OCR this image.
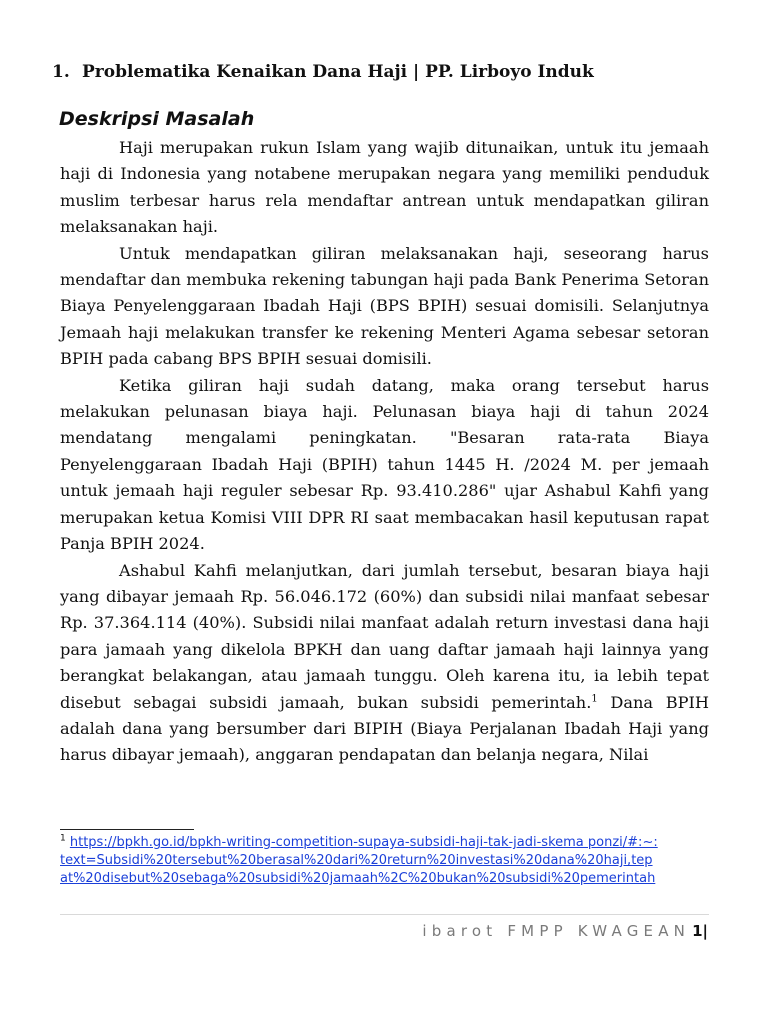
1. Problematika Kenaikan Dana Haji | PP. Lirboyo Induk
Deskripsi Masalah

Haji merupakan rukun Islam yang wajib ditunaikan, untuk itu jemaah haji di Indonesia yang notabene merupakan negara yang memiliki penduduk muslim terbesar harus rela mendaftar antrean untuk mendapatkan giliran melaksanakan haji.

Untuk mendapatkan giliran melaksanakan haji, seseorang harus mendaftar dan membuka rekening tabungan haji pada Bank Penerima Setoran Biaya Penyelenggaraan Ibadah Haji (BPS BPIH) sesuai domisili. Selanjutnya Jemaah haji melakukan transfer ke rekening Menteri Agama sebesar setoran BPIH pada cabang BPS BPIH sesuai domisili.

Ketika giliran haji sudah datang, maka orang tersebut harus melakukan pelunasan biaya haji. Pelunasan biaya haji di tahun 2024 mendatang mengalami peningkatan. "Besaran rata-rata Biaya Penyelenggaraan Ibadah Haji (BPIH) tahun 1445 H. /2024 M. per jemaah untuk jemaah haji reguler sebesar Rp. 93.410.286" ujar Ashabul Kahfi yang merupakan ketua Komisi VIII DPR RI saat membacakan hasil keputusan rapat Panja BPIH 2024.

Ashabul Kahfi melanjutkan, dari jumlah tersebut, besaran biaya haji yang dibayar jemaah Rp. 56.046.172 (60%) dan subsidi nilai manfaat sebesar Rp. 37.364.114 (40%). Subsidi nilai manfaat adalah return investasi dana haji para jamaah yang dikelola BPKH dan uang daftar jamaah haji lainnya yang berangkat belakangan, atau jamaah tunggu. Oleh karena itu, ia lebih tepat disebut sebagai subsidi jamaah, bukan subsidi pemerintah.$^1$ Dana BPIH adalah dana yang bersumber dari BIPIH (Biaya Perjalanan Ibadah Haji yang harus dibayar jemaah), anggaran pendapatan dan belanja negara, Nilai

$^1$ https://bpkh.go.id/bpkh-writing-competition-supaya-subsidi-haji-tak-jadi-skema ponzi/#:~:text=Subsidi%20tersebut%20berasal%20dari%20return%20investasi%20dana%20haji,tepat%20disebut%20sebaga%20subsidi%20jamaah%2C%20bukan%20subsidi%20pemerintah
ibarot FMPP KWAGEAN 1|
